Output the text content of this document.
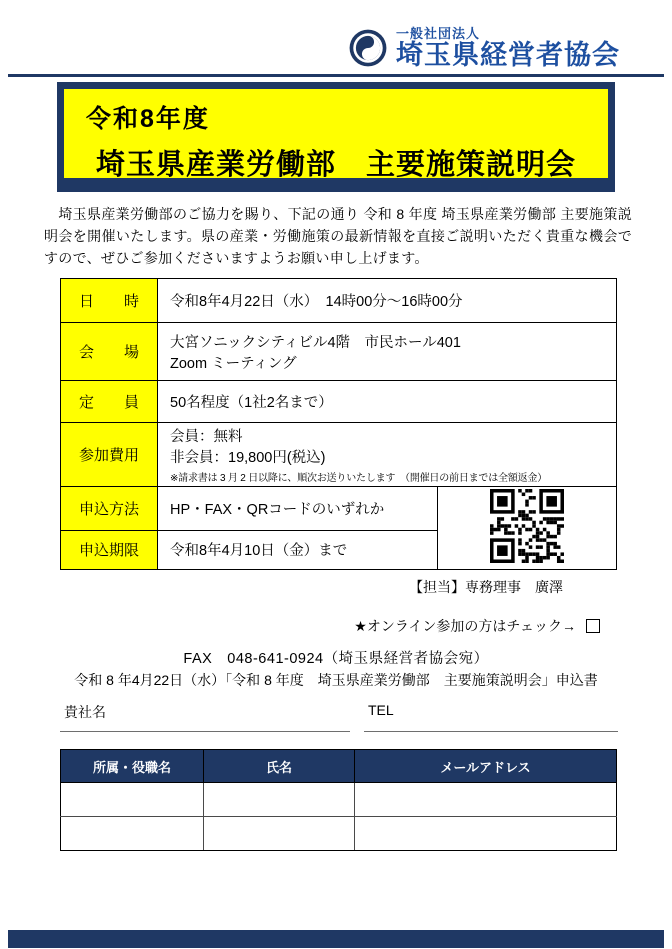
一般社団法人
埼玉県経営者協会
令和8年度
埼玉県産業労働部　主要施策説明会

　埼玉県産業労働部のご協力を賜り、下記の通り 令和 8 年度 埼玉県産業労働部 主要施策説明会を開催いたします。県の産業・労働施策の最新情報を直接ご説明いただく貴重な機会ですので、ぜひご参加くださいますようお願い申し上げます。

日　　時	令和8年4月22日（水）　14時00分～16時00分	
会　　場	大宮ソニックシティビル4階　市民ホール401
Zoom ミーティング	

定　　員	50名程度（1社2名まで）	
参加費用	会員：無料
非会員：19,800円(税込)
※請求書は 3 月 2 日以降に、順次お送りいたします　（開催日の前日までは全額返金）	

申込方法	HP・FAX・QRコードのいずれか	
申込期限	令和8年4月10日（金）まで	
【担当】専務理事　廣澤
★オンライン参加の方はチェック→
FAX　048-641-0924（埼玉県経営者協会宛）
令和 8 年4月22日（水）「令和 8 年度　埼玉県産業労働部　主要施策説明会」申込書
貴社名	TEL
所属・役職名	氏名	メールアドレス
